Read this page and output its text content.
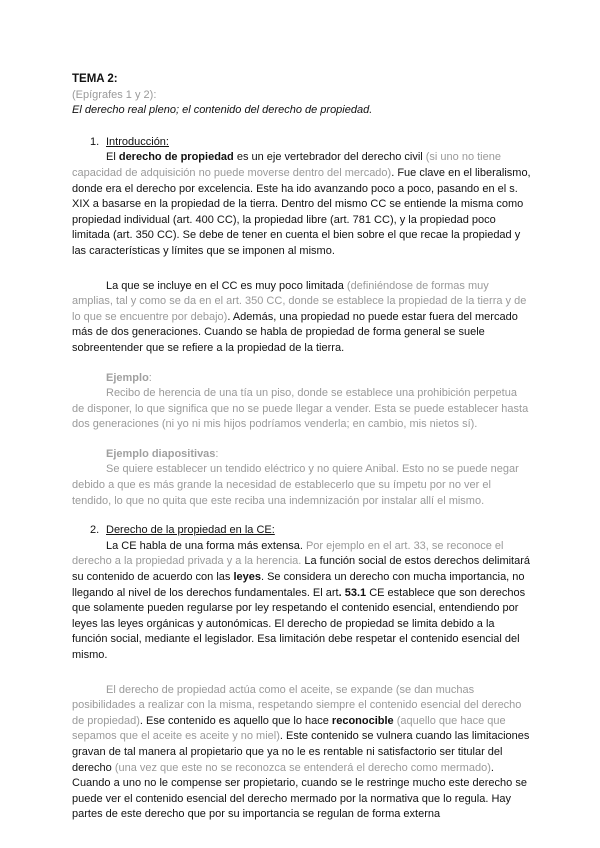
TEMA 2:
(Epígrafes 1 y 2):
El derecho real pleno; el contenido del derecho de propiedad.

1. Introducción:

El derecho de propiedad es un eje vertebrador del derecho civil (si uno no tiene capacidad de adquisición no puede moverse dentro del mercado). Fue clave en el liberalismo, donde era el derecho por excelencia. Este ha ido avanzando poco a poco, pasando en el s. XIX a basarse en la propiedad de la tierra. Dentro del mismo CC se entiende la misma como propiedad individual (art. 400 CC), la propiedad libre (art. 781 CC), y la propiedad poco limitada (art. 350 CC). Se debe de tener en cuenta el bien sobre el que recae la propiedad y las características y límites que se imponen al mismo.

La que se incluye en el CC es muy poco limitada (definiéndose de formas muy amplias, tal y como se da en el art. 350 CC, donde se establece la propiedad de la tierra y de lo que se encuentre por debajo). Además, una propiedad no puede estar fuera del mercado más de dos generaciones. Cuando se habla de propiedad de forma general se suele sobreentender que se refiere a la propiedad de la tierra.

Ejemplo:

Recibo de herencia de una tía un piso, donde se establece una prohibición perpetua de disponer, lo que significa que no se puede llegar a vender. Esta se puede establecer hasta dos generaciones (ni yo ni mis hijos podríamos venderla; en cambio, mis nietos sí).

Ejemplo diapositivas:

Se quiere establecer un tendido eléctrico y no quiere Anibal. Esto no se puede negar debido a que es más grande la necesidad de establecerlo que su ímpetu por no ver el tendido, lo que no quita que este reciba una indemnización por instalar allí el mismo.

2. Derecho de la propiedad en la CE:

La CE habla de una forma más extensa. Por ejemplo en el art. 33, se reconoce el derecho a la propiedad privada y a la herencia. La función social de estos derechos delimitará su contenido de acuerdo con las leyes. Se considera un derecho con mucha importancia, no llegando al nivel de los derechos fundamentales. El art. 53.1 CE establece que son derechos que solamente pueden regularse por ley respetando el contenido esencial, entendiendo por leyes las leyes orgánicas y autonómicas. El derecho de propiedad se limita debido a la función social, mediante el legislador. Esa limitación debe respetar el contenido esencial del mismo.

El derecho de propiedad actúa como el aceite, se expande (se dan muchas posibilidades a realizar con la misma, respetando siempre el contenido esencial del derecho de propiedad). Ese contenido es aquello que lo hace reconocible (aquello que hace que sepamos que el aceite es aceite y no miel). Este contenido se vulnera cuando las limitaciones gravan de tal manera al propietario que ya no le es rentable ni satisfactorio ser titular del derecho (una vez que este no se reconozca se entenderá el derecho como mermado). Cuando a uno no le compense ser propietario, cuando se le restringe mucho este derecho se puede ver el contenido esencial del derecho mermado por la normativa que lo regula. Hay partes de este derecho que por su importancia se regulan de forma externa
